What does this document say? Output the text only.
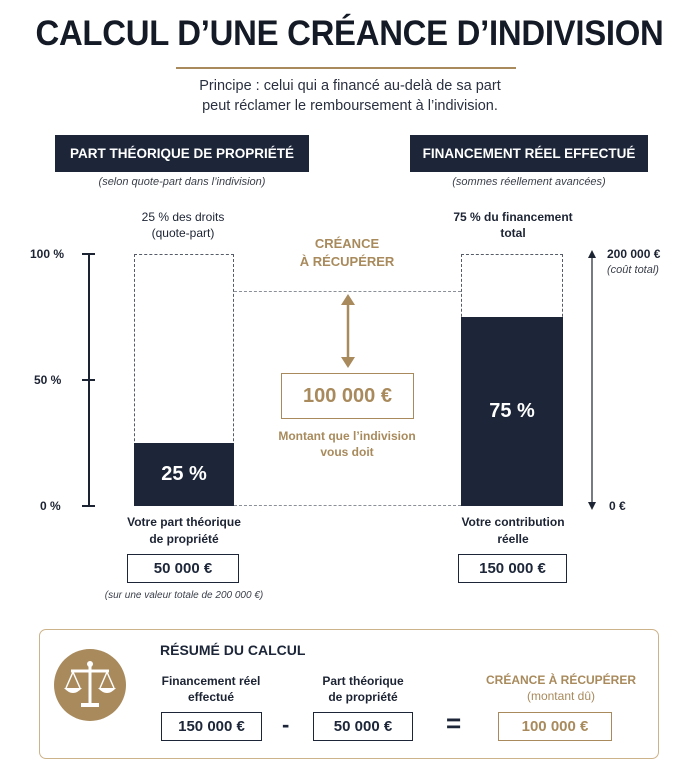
CALCUL D’UNE CRÉANCE D’INDIVISION
Principe : celui qui a financé au-delà de sa part
peut réclamer le remboursement à l’indivision.
PART THÉORIQUE DE PROPRIÉTÉ	FINANCEMENT RÉEL EFFECTUÉ
(selon quote-part dans l’indivision)	(sommes réellement avancées)
25 % des droits
(quote-part)
75 % du financement
total
100 %
50 %
0 %
25 %
75 %
CRÉANCE
À RÉCUPÉRER
100 000 €
Montant que l’indivision
vous doit
200 000 €
(coût total)
0 €
Votre part théorique
de propriété
50 000 €
(sur une valeur totale de 200 000 €)
Votre contribution
réelle
150 000 €
RÉSUMÉ DU CALCUL
Financement réel
effectué
150 000 €	-
Part théorique
de propriété
50 000 €	=
CRÉANCE À RÉCUPÉRER
(montant dû)
100 000 €
